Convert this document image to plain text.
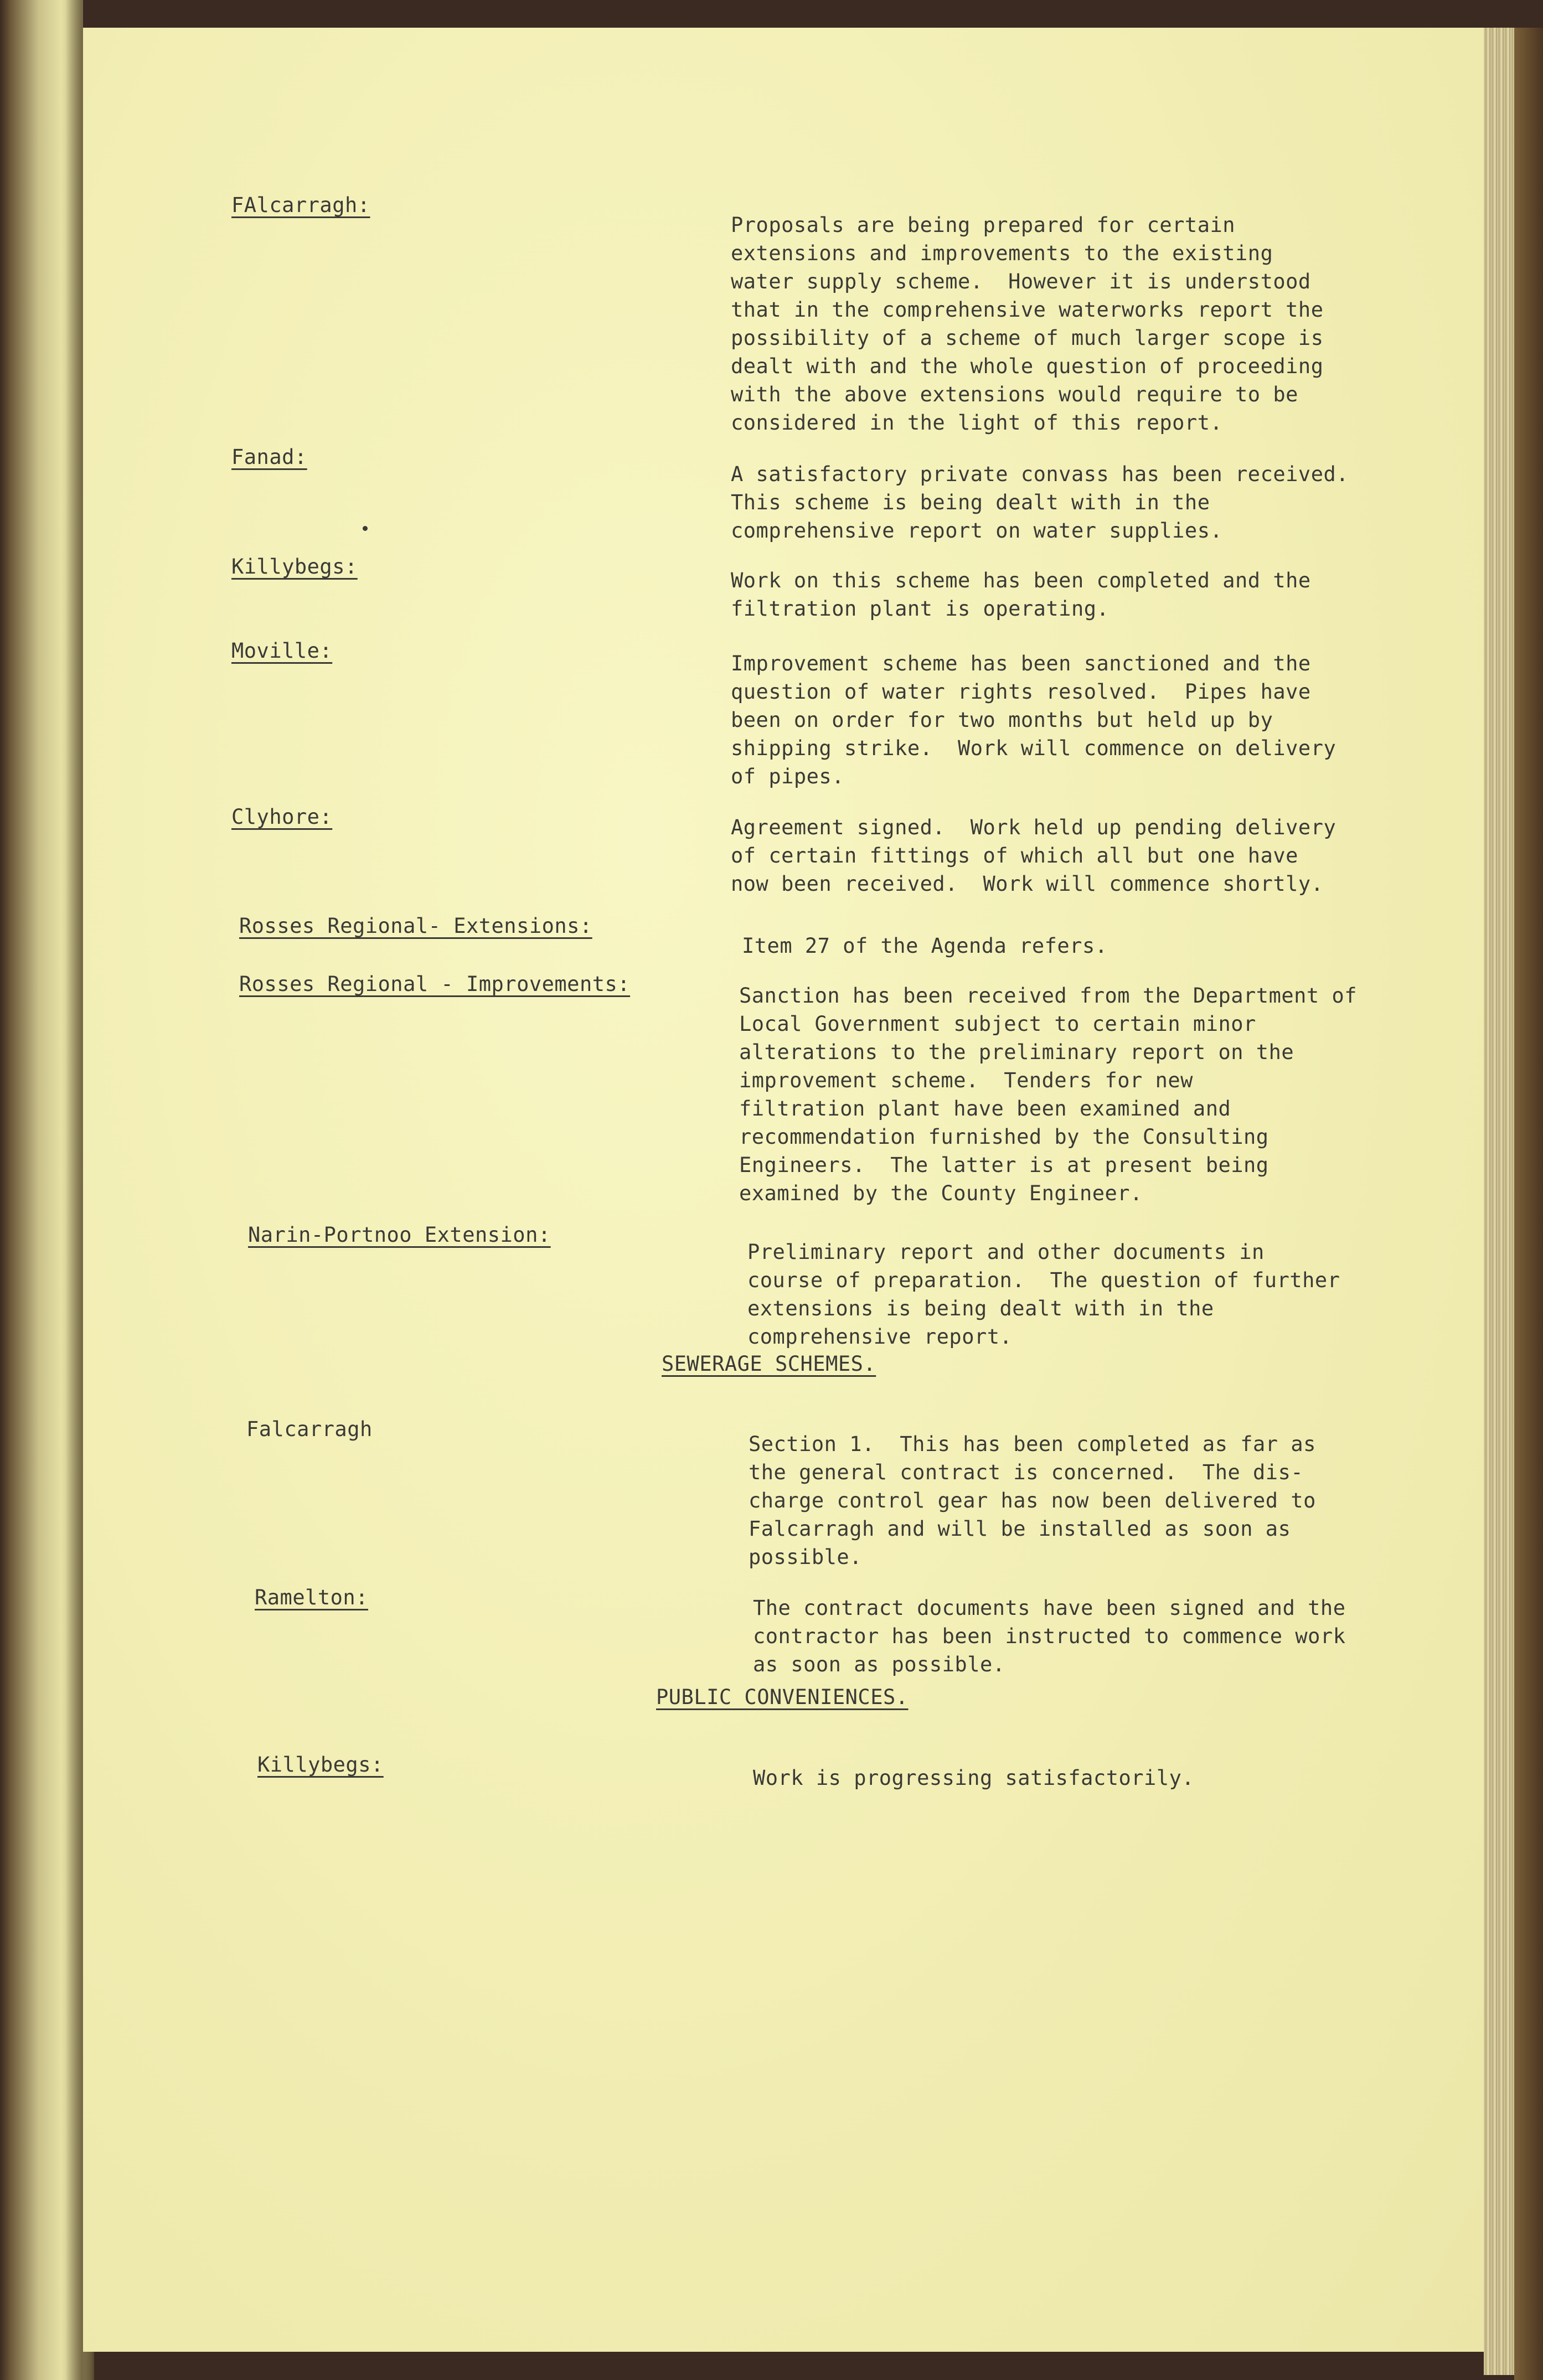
FAlcarragh:

Proposals are being prepared for certain
extensions and improvements to the existing
water supply scheme.  However it is understood
that in the comprehensive waterworks report the
possibility of a scheme of much larger scope is
dealt with and the whole question of proceeding
with the above extensions would require to be
considered in the light of this report.

Fanad:

A satisfactory private convass has been received.
This scheme is being dealt with in the
comprehensive report on water supplies.

Killybegs:

Work on this scheme has been completed and the
filtration plant is operating.

Moville:

Improvement scheme has been sanctioned and the
question of water rights resolved.  Pipes have
been on order for two months but held up by
shipping strike.  Work will commence on delivery
of pipes.

Clyhore:	Agreement signed.  Work held up pending delivery
of certain fittings of which all but one have
now been received.  Work will commence shortly.

Rosses Regional- Extensions:

Item 27 of the Agenda refers.

Rosses Regional - Improvements:	Sanction has been received from the Department of
Local Government subject to certain minor
alterations to the preliminary report on the
improvement scheme.  Tenders for new
filtration plant have been examined and
recommendation furnished by the Consulting
Engineers.  The latter is at present being
examined by the County Engineer.

Narin-Portnoo Extension:

Preliminary report and other documents in
course of preparation.  The question of further
extensions is being dealt with in the
comprehensive report.

SEWERAGE SCHEMES.
Falcarragh

Section 1.  This has been completed as far as
the general contract is concerned.  The dis-
charge control gear has now been delivered to
Falcarragh and will be installed as soon as
possible.

Ramelton:	The contract documents have been signed and the
contractor has been instructed to commence work
as soon as possible.

PUBLIC CONVENIENCES.
Killybegs:

Work is progressing satisfactorily.
